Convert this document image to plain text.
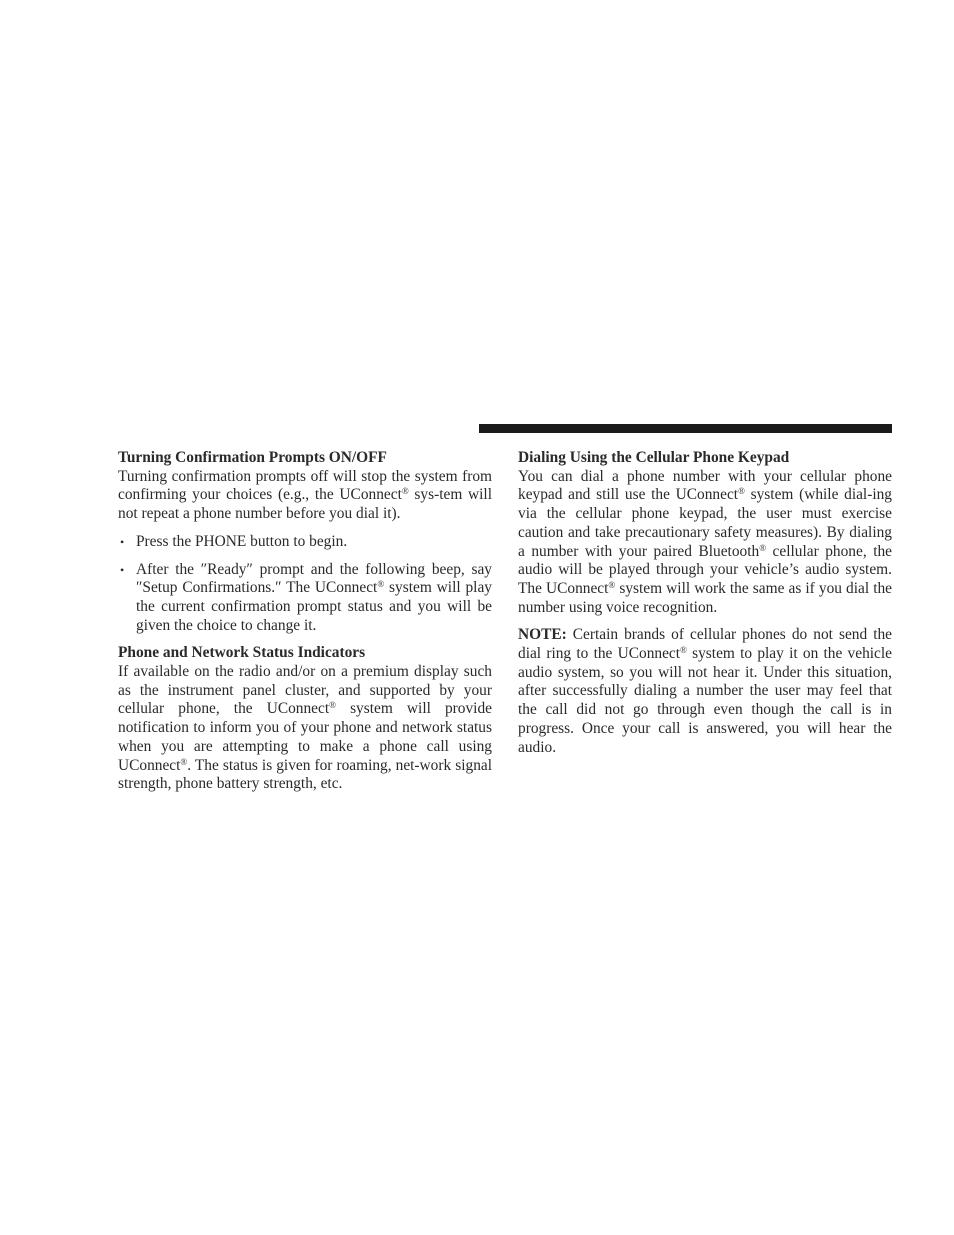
Turning Confirmation Prompts ON/OFF

Turning confirmation prompts off will stop the system from confirming your choices (e.g., the UConnect® sys-tem will not repeat a phone number before you dial it).

• Press the PHONE button to begin.
• After the ″Ready″ prompt and the following beep, say ″Setup Confirmations.″ The UConnect® system will play the current confirmation prompt status and you will be given the choice to change it.
Phone and Network Status Indicators

If available on the radio and/or on a premium display such as the instrument panel cluster, and supported by your cellular phone, the UConnect® system will provide notification to inform you of your phone and network status when you are attempting to make a phone call using UConnect®. The status is given for roaming, net-work signal strength, phone battery strength, etc.

Dialing Using the Cellular Phone Keypad

You can dial a phone number with your cellular phone keypad and still use the UConnect® system (while dial-ing via the cellular phone keypad, the user must exercise caution and take precautionary safety measures). By dialing a number with your paired Bluetooth® cellular phone, the audio will be played through your vehicle’s audio system. The UConnect® system will work the same as if you dial the number using voice recognition.

NOTE: Certain brands of cellular phones do not send the dial ring to the UConnect® system to play it on the vehicle audio system, so you will not hear it. Under this situation, after successfully dialing a number the user may feel that the call did not go through even though the call is in progress. Once your call is answered, you will hear the audio.
